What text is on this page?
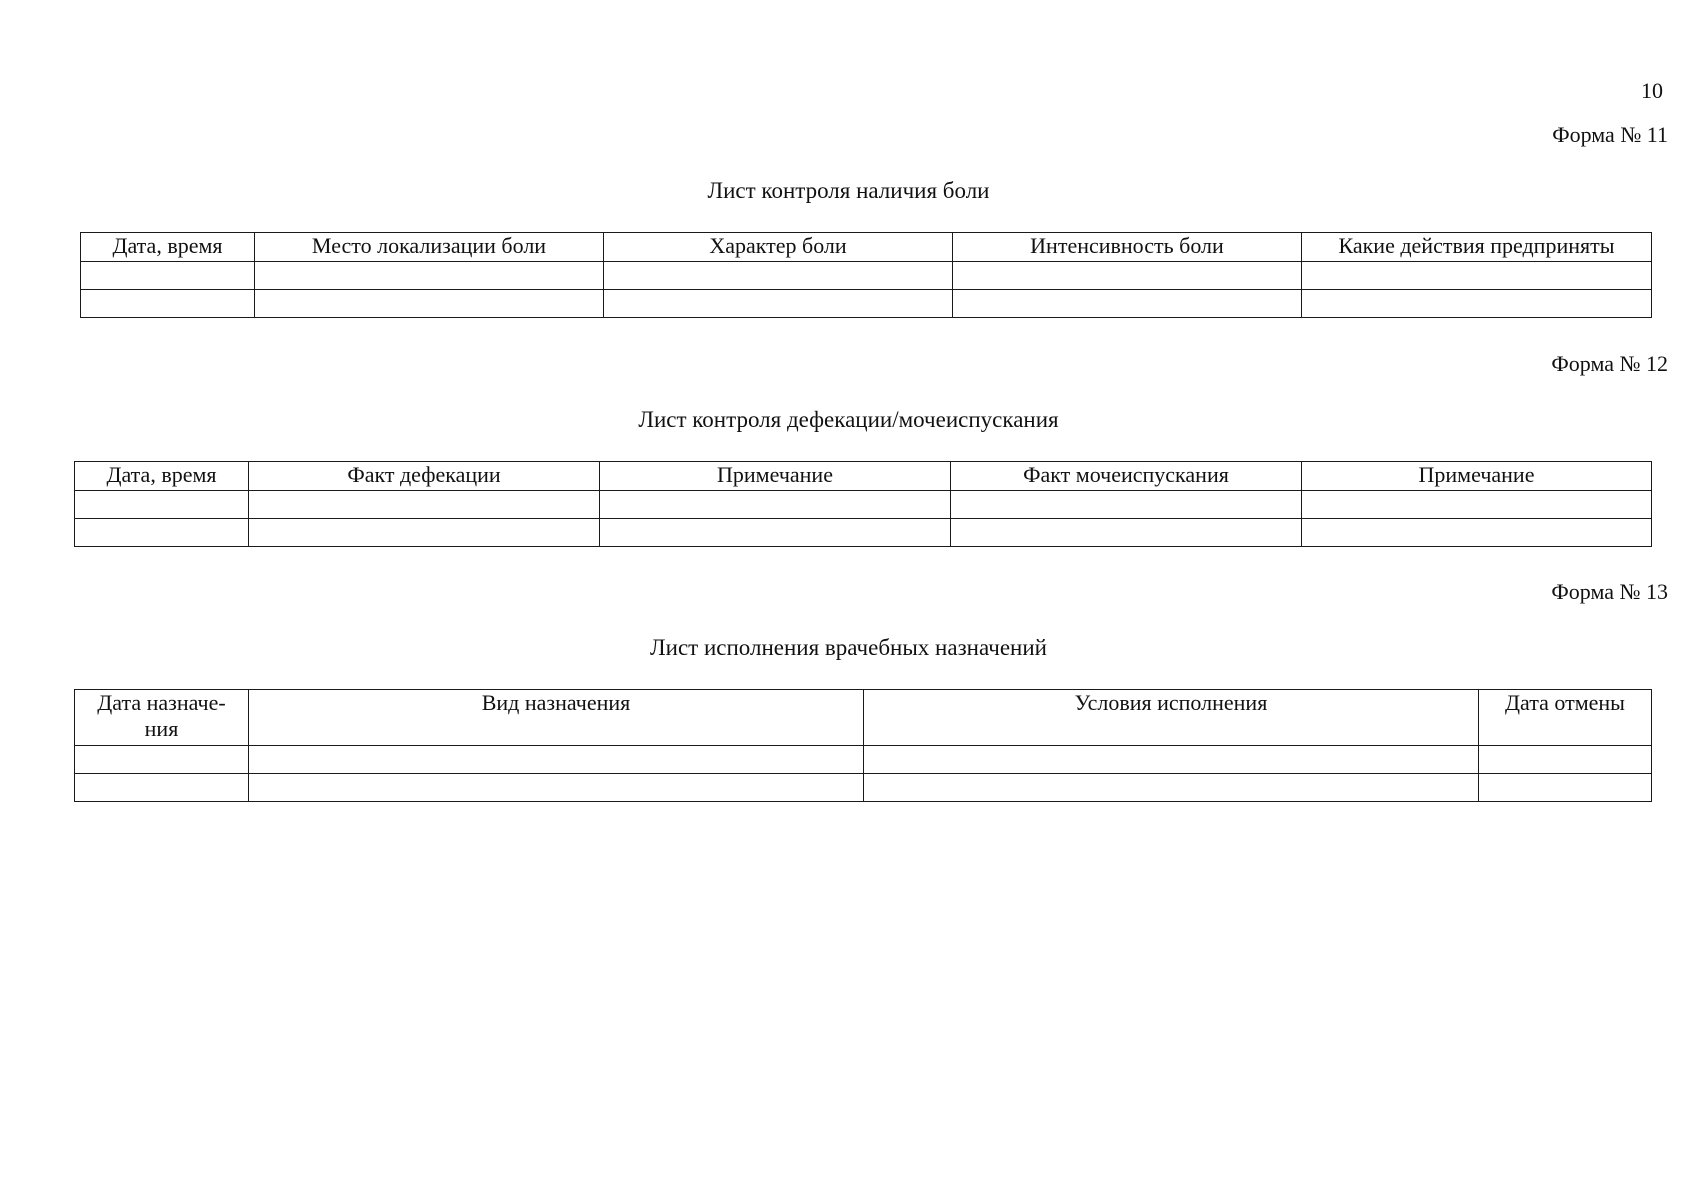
10
Форма № 11
Лист контроля наличия боли
Дата, время	Место локализации боли	Характер боли	Интенсивность боли	Какие действия предприняты

Форма № 12
Лист контроля дефекации/мочеиспускания
Дата, время	Факт дефекации	Примечание	Факт мочеиспускания	Примечание

Форма № 13
Лист исполнения врачебных назначений
Дата назначе- ния	Вид назначения	Условия исполнения	Дата отмены
